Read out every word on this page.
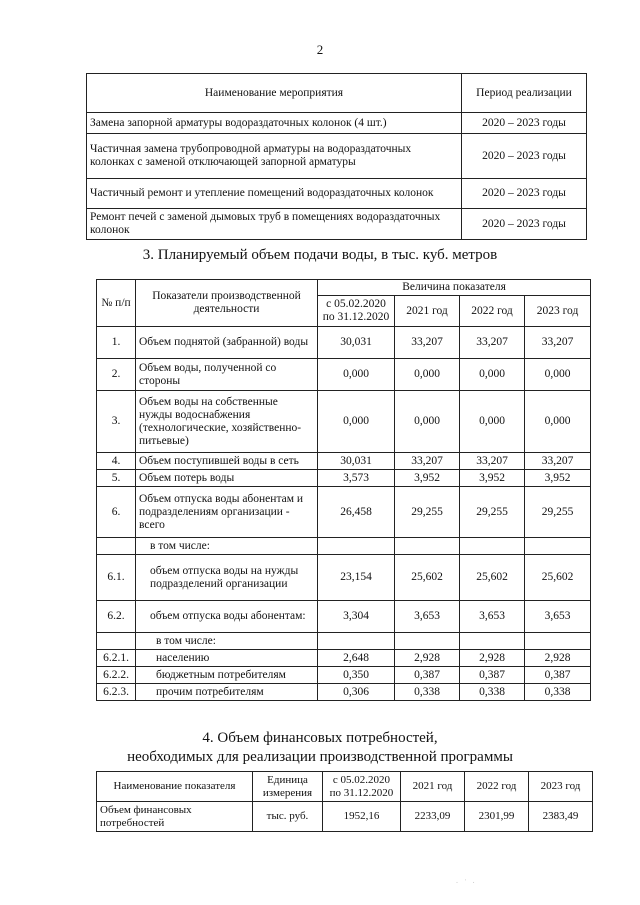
2
Наименование мероприятия	Период реализации
Замена запорной арматуры водораздаточных колонок (4 шт.)	2020 – 2023 годы
Частичная замена трубопроводной арматуры на водораздаточных колонках с заменой отключающей запорной арматуры	2020 – 2023 годы
Частичный ремонт и утепление помещений водораздаточных колонок	2020 – 2023 годы
Ремонт печей с заменой дымовых труб в помещениях водораздаточных колонок	2020 – 2023 годы
3. Планируемый объем подачи воды, в тыс. куб. метров
№ п/п	Показатели производственной деятельности	Величина показателя			
		с 05.02.2020 по 31.12.2020	2021 год	2022 год	2023 год
1.	Объем поднятой (забранной) воды	30,031	33,207	33,207	33,207
2.	Объем воды, полученной со стороны	0,000	0,000	0,000	0,000
3.	Объем воды на собственные нужды водоснабжения (технологические, хозяйственно-питьевые)	0,000	0,000	0,000	0,000
4.	Объем поступившей воды в сеть	30,031	33,207	33,207	33,207
5.	Объем потерь воды	3,573	3,952	3,952	3,952
6.	Объем отпуска воды абонентам и подразделениям организации - всего	26,458	29,255	29,255	29,255
	в том числе:				
6.1.	объем отпуска воды на нужды подразделений организации	23,154	25,602	25,602	25,602
6.2.	объем отпуска воды абонентам:	3,304	3,653	3,653	3,653
	в том числе:				
6.2.1.	населению	2,648	2,928	2,928	2,928
6.2.2.	бюджетным потребителям	0,350	0,387	0,387	0,387
6.2.3.	прочим потребителям	0,306	0,338	0,338	0,338
4. Объем финансовых потребностей,
необходимых для реализации производственной программы
Наименование показателя	Единица измерения	с 05.02.2020 по 31.12.2020	2021 год	2022 год	2023 год
Объем финансовых потребностей	тыс. руб.	1952,16	2233,09	2301,99	2383,49
∙ ˈ ∙
